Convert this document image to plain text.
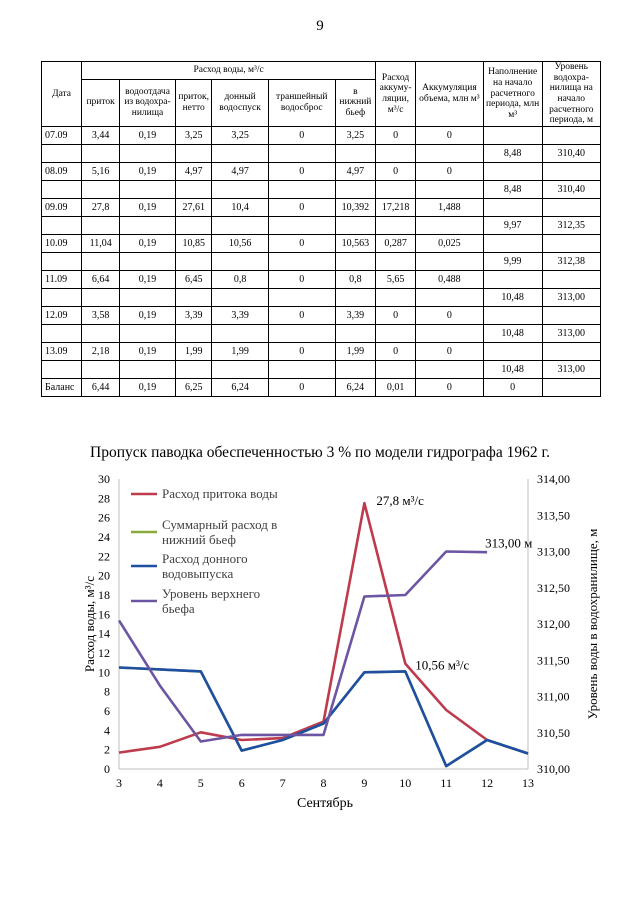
9
Дата	Расход воды, м³/с						Расход аккуму-ляции, м³/с	Аккумуляция объема, млн м³	Наполнение на начало расчетного периода, млн м³	Уровень водохра-нилища на начало расчетного периода, м
	приток	водоотдача из водохра-нилища	приток, нетто	донный водоспуск	траншейный водосброс	в нижний бьеф				
07.09	3,44	0,19	3,25	3,25	0	3,25	0	0		
									8,48	310,40
08.09	5,16	0,19	4,97	4,97	0	4,97	0	0		
									8,48	310,40
09.09	27,8	0,19	27,61	10,4	0	10,392	17,218	1,488		
									9,97	312,35
10.09	11,04	0,19	10,85	10,56	0	10,563	0,287	0,025		
									9,99	312,38
11.09	6,64	0,19	6,45	0,8	0	0,8	5,65	0,488		
									10,48	313,00
12.09	3,58	0,19	3,39	3,39	0	3,39	0	0		
									10,48	313,00
13.09	2,18	0,19	1,99	1,99	0	1,99	0	0		
									10,48	313,00
Баланс	6,44	0,19	6,25	6,24	0	6,24	0,01	0	0	
Пропуск паводка обеспеченностью 3 % по модели гидрографа 1962 г.
0
2
4
6
8
10
12
14
16
18
20
22
24
26
28
30
310,00
310,50
311,00
311,50
312,00
312,50
313,00
313,50
314,00
3	4	5	6	7	8	9	10 11 12 13
Сентябрь
Расход воды, м³/с	Уровень воды в водохранилище, м
Расход притока воды
Суммарный расход в нижний бьеф
Расход донного водовыпуска
Уровень верхнего бьефа
27,8 м³/с
10,56 м³/с
313,00 м
